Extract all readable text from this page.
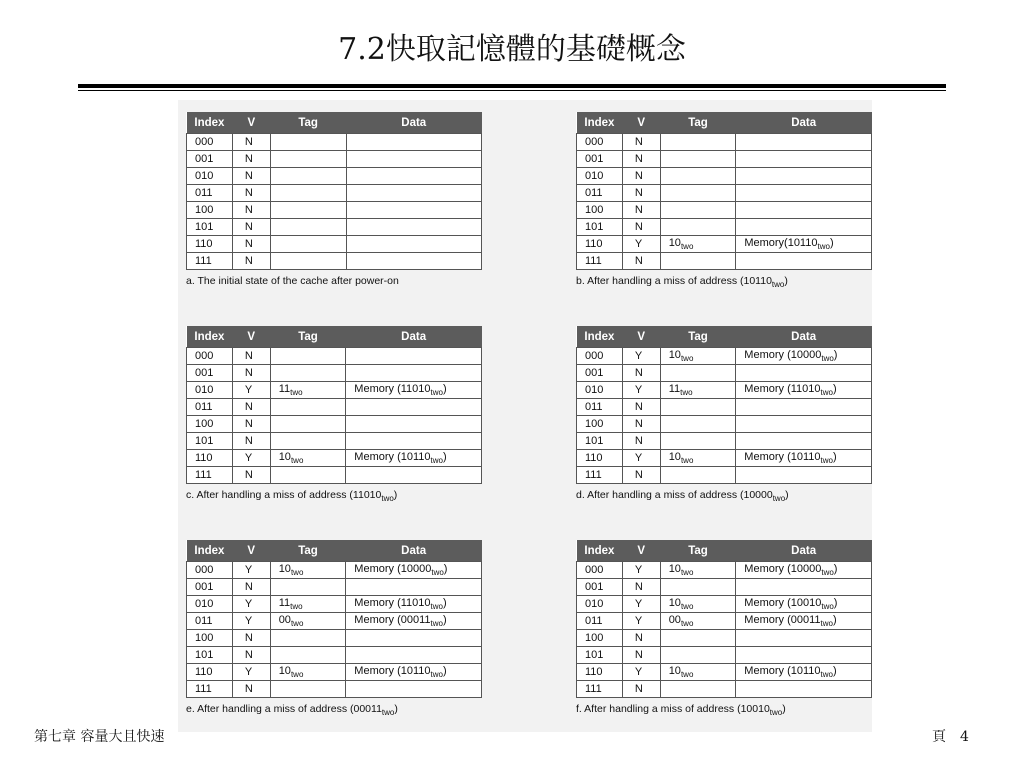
7.2快取記憶體的基礎概念
Index	V	Tag	Data
000	N		
001	N		
010	N		
011	N		
100	N		
101	N		
110	N		
111	N		
a. The initial state of the cache after power-on
Index	V	Tag	Data
000	N		
001	N		
010	N		
011	N		
100	N		
101	N		
110	Y	$10_{two}$	$Memory(10110_{two})$
111	N		
b. After handling a miss of address $(10110_{two})$
Index	V	Tag	Data
000	N		
001	N		
010	Y	$11_{two}$	Memory $(11010_{two})$
011	N		
100	N		
101	N		
110	Y	$10_{two}$	Memory $(10110_{two})$
111	N		
c. After handling a miss of address $(11010_{two})$
Index	V	Tag	Data
000	Y	$10_{two}$	Memory $(10000_{two})$
001	N		
010	Y	$11_{two}$	Memory $(11010_{two})$
011	N		
100	N		
101	N		
110	Y	$10_{two}$	Memory $(10110_{two})$
111	N		
d. After handling a miss of address $(10000_{two})$
Index	V	Tag	Data
000	Y	$10_{two}$	Memory $(10000_{two})$
001	N		
010	Y	$11_{two}$	Memory $(11010_{two})$
011	Y	$00_{two}$	Memory $(00011_{two})$
100	N		
101	N		
110	Y	$10_{two}$	Memory $(10110_{two})$
111	N		
e. After handling a miss of address $(00011_{two})$
Index	V	Tag	Data
000	Y	$10_{two}$	Memory $(10000_{two})$
001	N		
010	Y	$10_{two}$	Memory $(10010_{two})$
011	Y	$00_{two}$	Memory $(00011_{two})$
100	N		
101	N		
110	Y	$10_{two}$	Memory $(10110_{two})$
111	N		
f. After handling a miss of address $(10010_{two})$
第七章 容量大且快速	頁 4
